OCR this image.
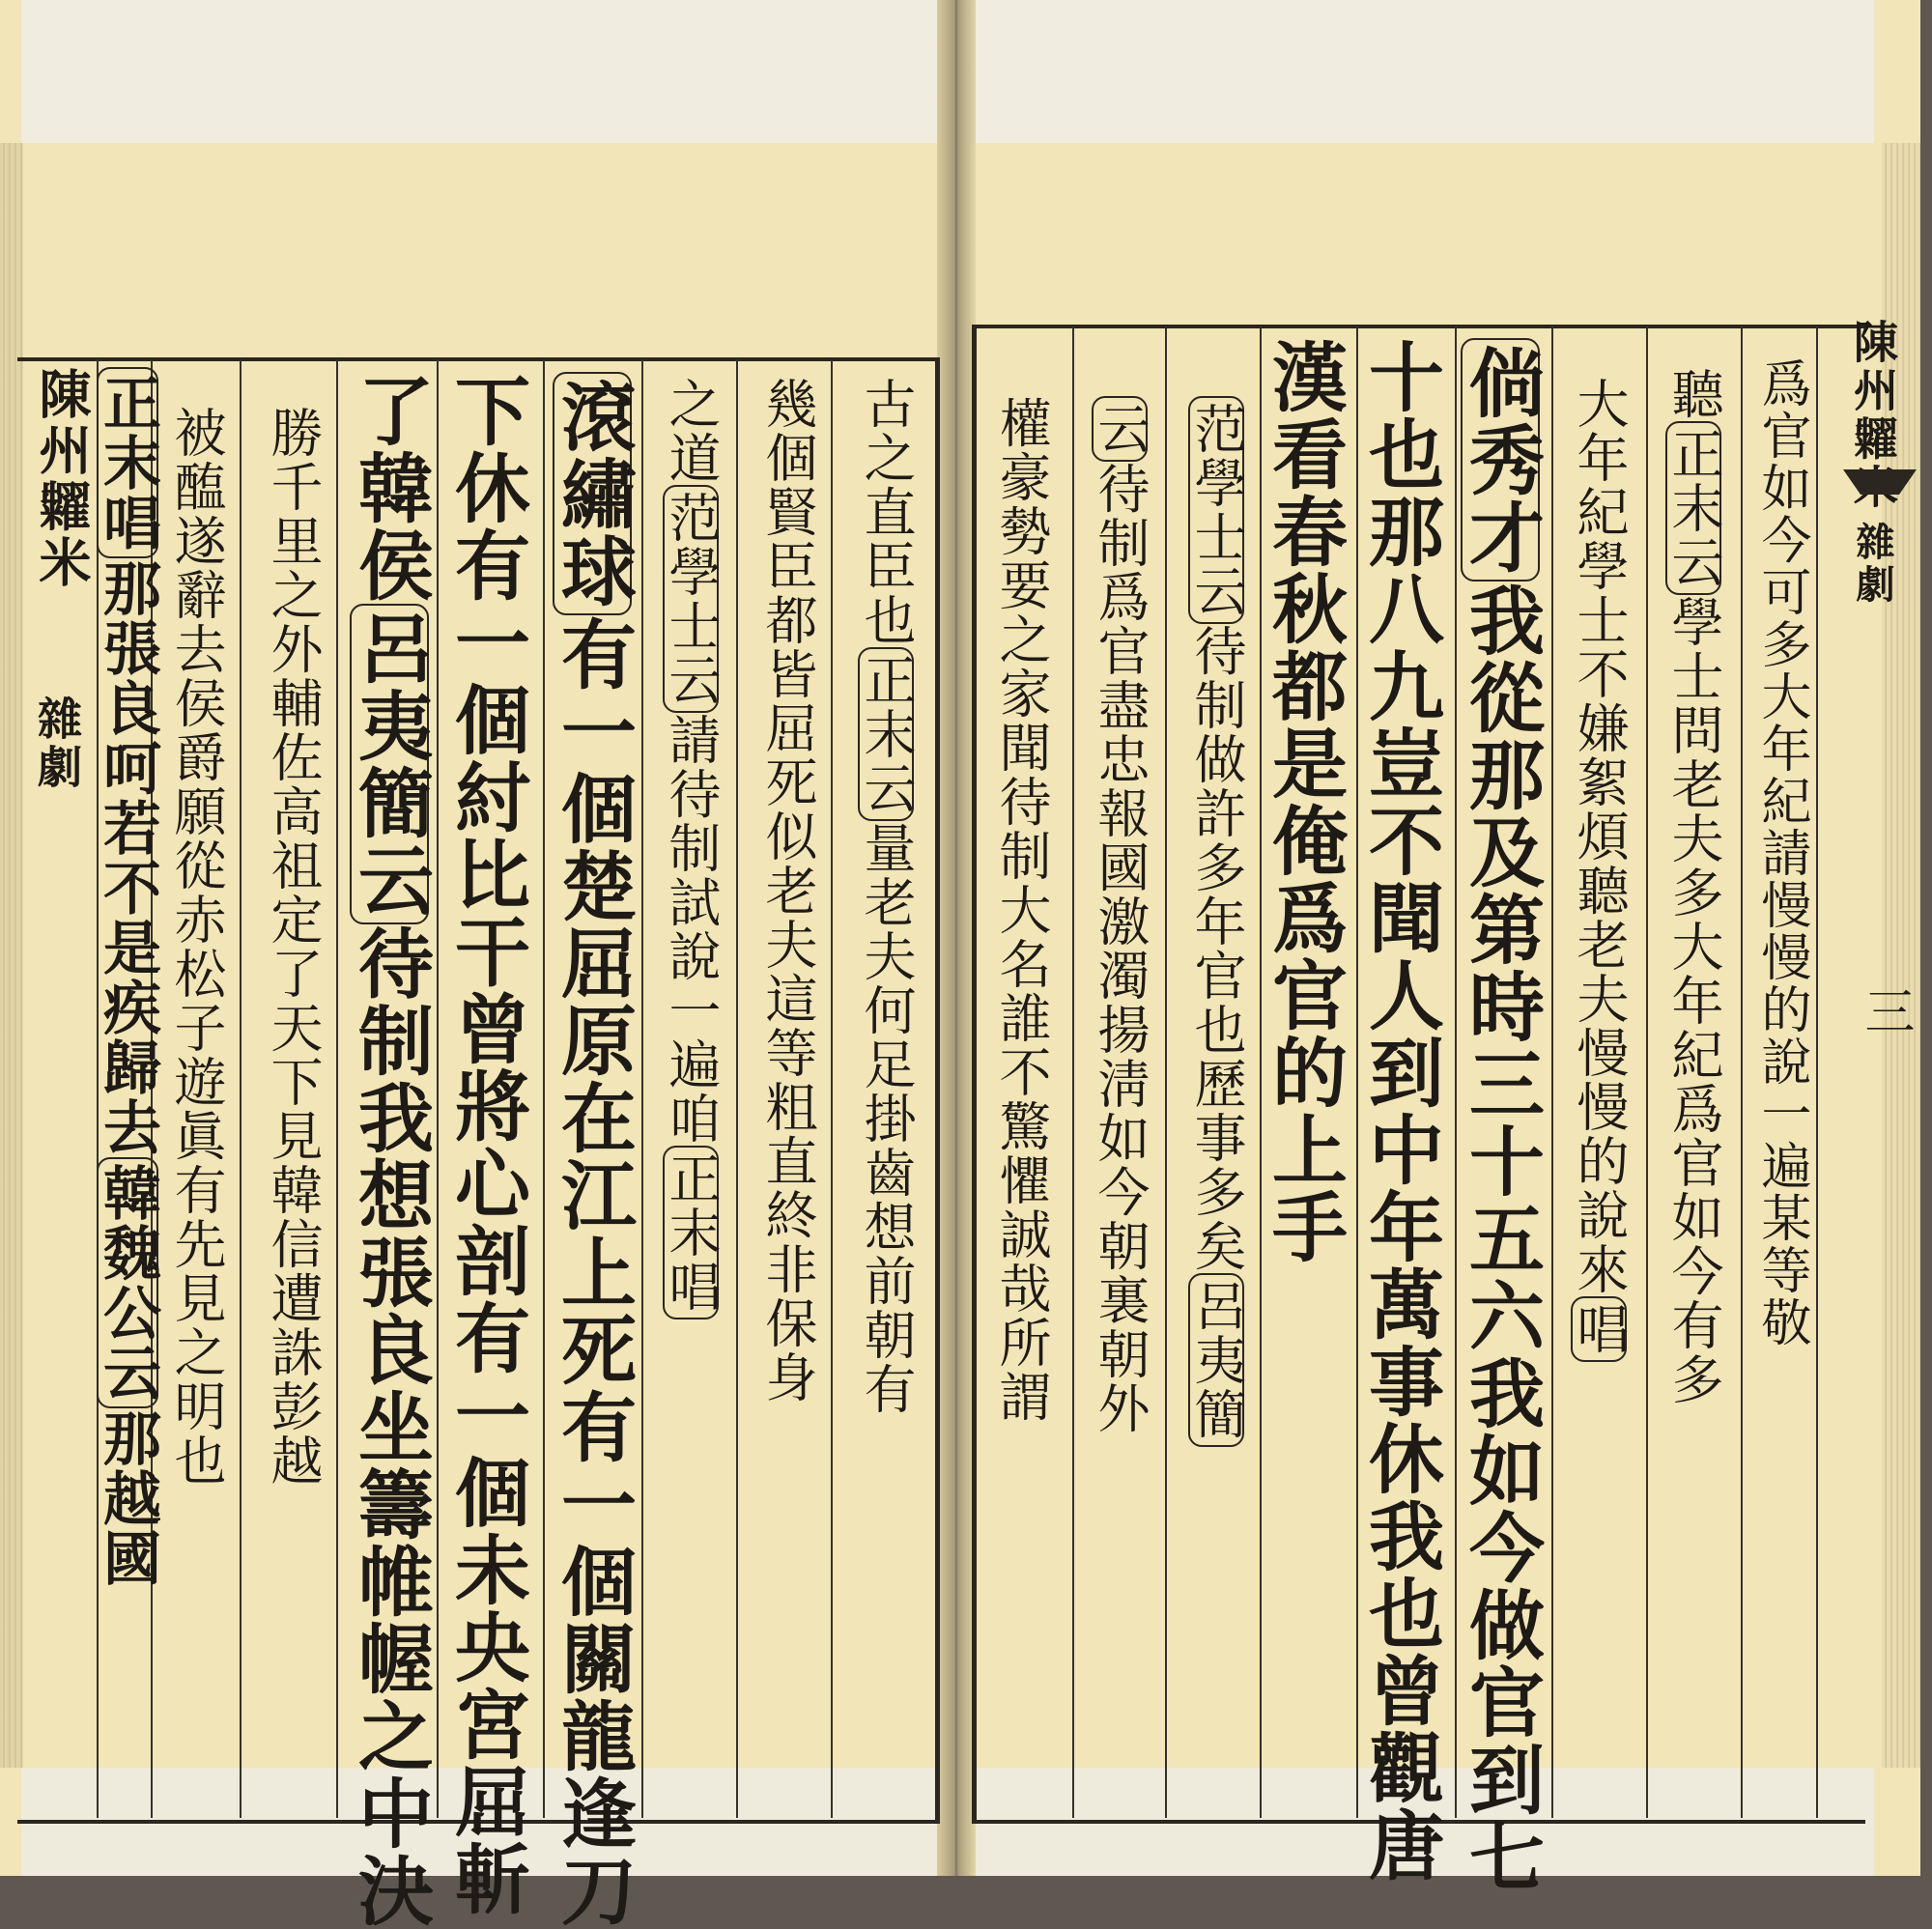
古之直臣也正末云量老夫何足掛齒想前朝有
幾個賢臣都皆屈死似老夫這等粗直終非保身
之道范學士云請待制試說一遍咱正末唱
滾繡球有一個楚屈原在江上死有一個關龍逢刀
下休有一個紂比干曾將心剖有一個未央宮屈斬
了韓侯呂夷簡云待制我想張良坐籌帷幄之中決
勝千里之外輔佐高祖定了天下見韓信遭誅彭越
被醢遂辭去侯爵願從赤松子遊眞有先見之明也
正末唱那張良呵若不是疾歸去韓魏公云那越國
陳州糶米
雜劇	爲官如今可多大年紀請慢慢的說一遍某等敬
聽正末云學士問老夫多大年紀爲官如今有多
大年紀學士不嫌絮煩聽老夫慢慢的說來唱
倘秀才我從那及第時三十五六我如今做官到七
十也那八九豈不聞人到中年萬事休我也曾觀唐
漢看春秋都是俺爲官的上手
范學士云待制做許多年官也歷事多矣呂夷簡
云待制爲官盡忠報國激濁揚淸如今朝裏朝外
權豪勢要之家聞待制大名誰不驚懼誠哉所謂	陳州糶米
雜劇
三
